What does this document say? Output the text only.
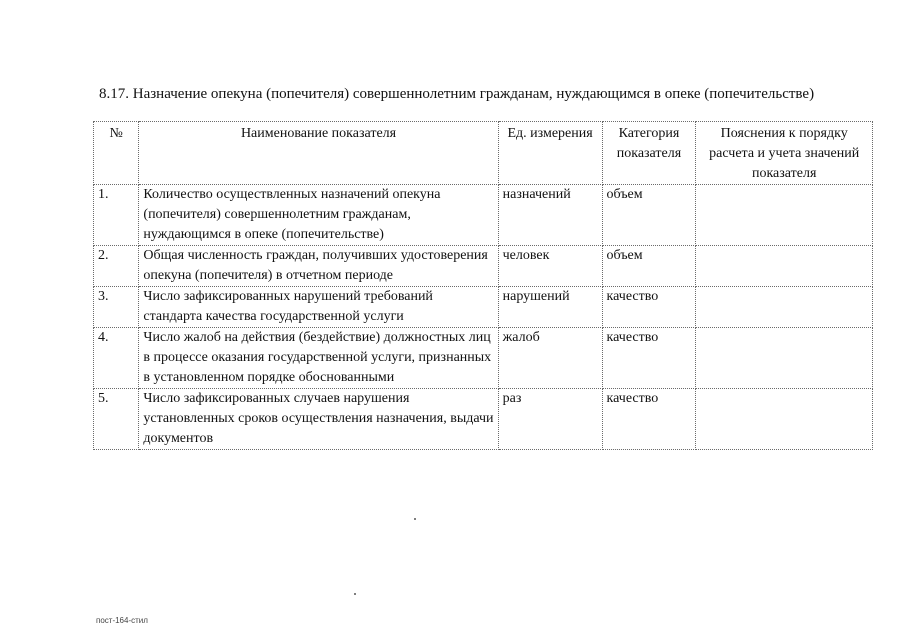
8.17. Назначение опекуна (попечителя) совершеннолетним гражданам, нуждающимся в опеке (попечительстве)
№	Наименование показателя	Ед. измерения	Категория показателя	Пояснения к порядку расчета и учета значений показателя
1.	Количество осуществленных назначений опекуна (попечителя) совершеннолетним гражданам, нуждающимся в опеке (попечительстве)	назначений	объем	
2.	Общая численность граждан, получивших удостоверения опекуна (попечителя) в отчетном периоде	человек	объем	
3.	Число зафиксированных нарушений требований стандарта качества государственной услуги	нарушений	качество	
4.	Число жалоб на действия (бездействие) должностных лиц в процессе оказания государственной услуги, признанных в установленном порядке обоснованными	жалоб	качество	
5.	Число зафиксированных случаев нарушения установленных сроков осуществления назначения, выдачи документов	раз	качество	
пост-164-стил
